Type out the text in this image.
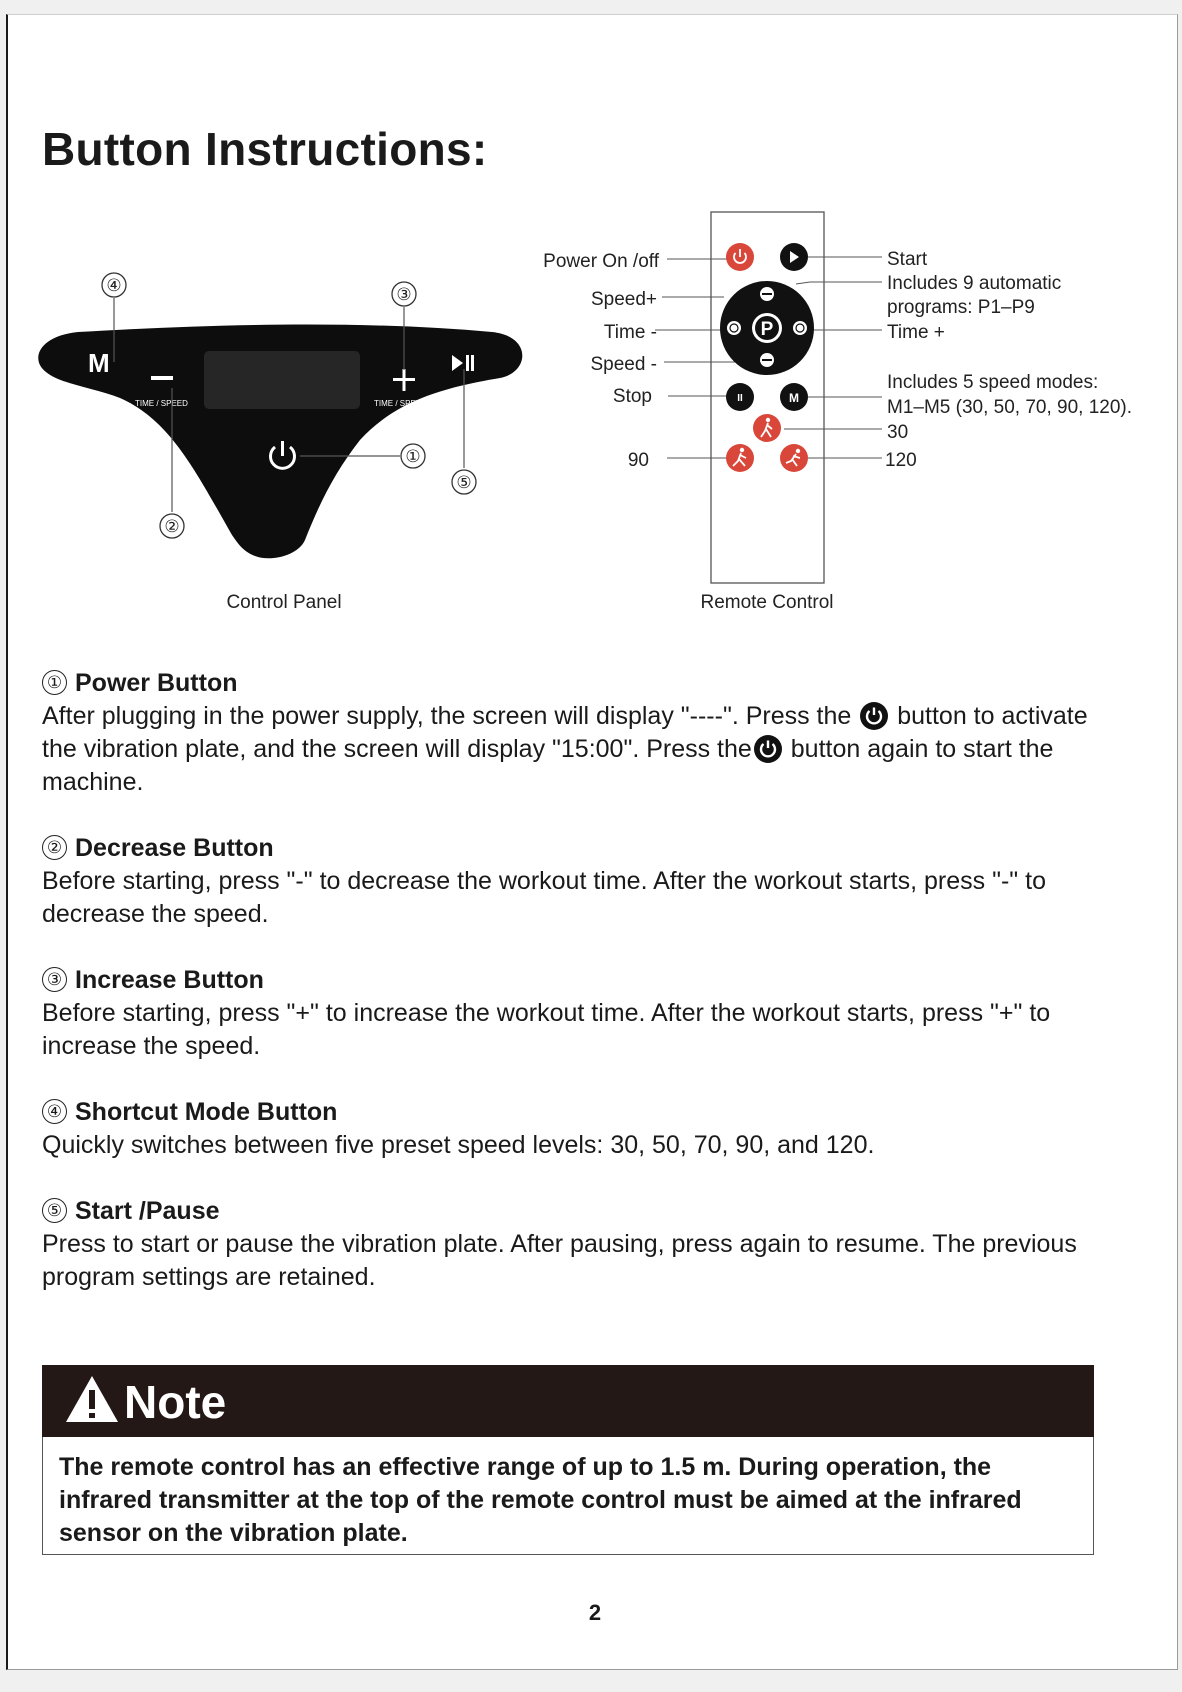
Button Instructions:
M
TIME / SPEED	TIME / SPEED
④	③
①
⑤
②
Control Panel
P
II	M
Power On /off
Speed+
Time -
Speed -
Stop
90
Start
Includes 9 automatic
programs: P1–P9
Time +
Includes 5 speed modes:
M1–M5 (30, 50, 70, 90, 120).
30
120
Remote Control
① Power Button
After plugging in the power supply, the screen will display "----". Press the button to activate the vibration plate, and the screen will display "15:00". Press the button again to start the machine.
② Decrease Button
Before starting, press "-" to decrease the workout time. After the workout starts, press "-" to decrease the speed.
③ Increase Button
Before starting, press "+" to increase the workout time. After the workout starts, press "+" to increase the speed.
④ Shortcut Mode Button
Quickly switches between five preset speed levels: 30, 50, 70, 90, and 120.
⑤ Start /Pause
Press to start or pause the vibration plate. After pausing, press again to resume. The previous program settings are retained.
Note
The remote control has an effective range of up to 1.5 m. During operation, the infrared transmitter at the top of the remote control must be aimed at the infrared sensor on the vibration plate.
2
